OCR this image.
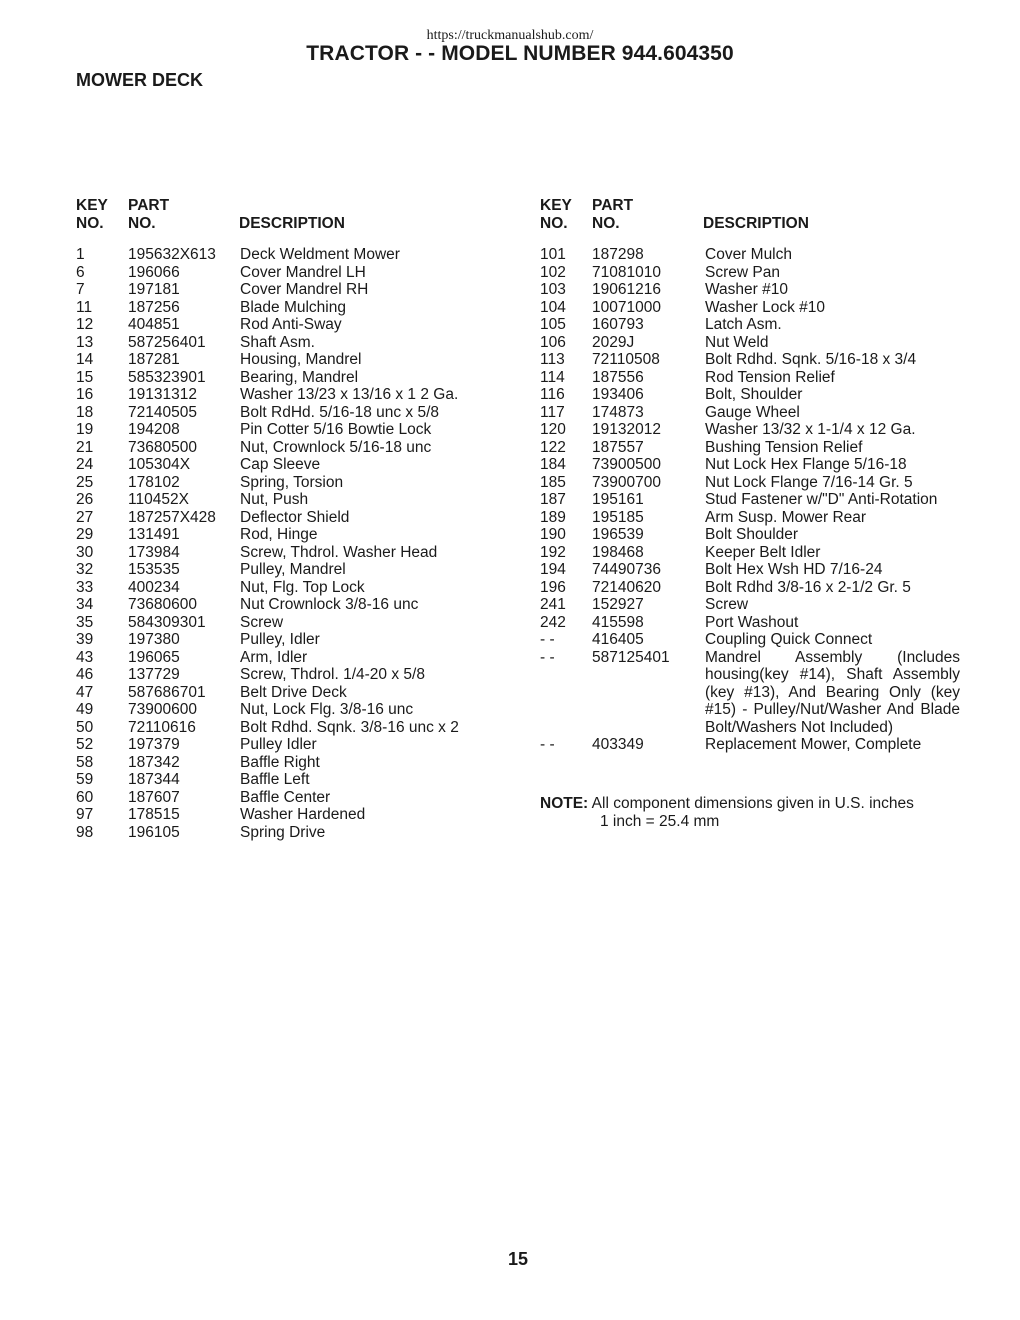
https://truckmanualshub.com/
TRACTOR - - MODEL NUMBER 944.604350
MOWER DECK
KEY
NO.
PART
NO.	DESCRIPTION
1	195632X613 Deck Weldment Mower
6	196066	Cover Mandrel LH
7	197181	Cover Mandrel RH
11 187256	Blade Mulching
12 404851	Rod Anti-Sway
13 587256401 Shaft Asm.
14 187281	Housing, Mandrel
15 585323901 Bearing, Mandrel
16 19131312	Washer 13/23 x 13/16 x 1 2 Ga.
18 72140505	Bolt RdHd. 5/16-18 unc x 5/8
19 194208	Pin Cotter 5/16 Bowtie Lock
21 73680500	Nut, Crownlock 5/16-18 unc
24 105304X	Cap Sleeve
25 178102	Spring, Torsion
26 110452X	Nut, Push
27 187257X428 Deflector Shield
29 131491	Rod, Hinge
30 173984	Screw, Thdrol. Washer Head
32 153535	Pulley, Mandrel
33 400234	Nut, Flg. Top Lock
34 73680600	Nut Crownlock 3/8-16 unc
35 584309301 Screw
39 197380	Pulley, Idler
43 196065	Arm, Idler
46 137729	Screw, Thdrol. 1/4-20 x 5/8
47 587686701 Belt Drive Deck
49 73900600	Nut, Lock Flg. 3/8-16 unc
50 72110616	Bolt Rdhd. Sqnk. 3/8-16 unc x 2
52 197379	Pulley Idler
58 187342	Baffle Right
59 187344	Baffle Left
60 187607	Baffle Center
97 178515	Washer Hardened
98 196105	Spring Drive
KEY
NO.
PART
NO.	DESCRIPTION
101 187298	Cover Mulch
102 71081010	Screw Pan
103 19061216	Washer #10
104 10071000	Washer Lock #10
105 160793	Latch Asm.
106 2029J	Nut Weld
113 72110508	Bolt Rdhd. Sqnk. 5/16-18 x 3/4
114 187556	Rod Tension Relief
116 193406	Bolt, Shoulder
117 174873	Gauge Wheel
120 19132012	Washer 13/32 x 1-1/4 x 12 Ga.
122 187557	Bushing Tension Relief
184 73900500	Nut Lock Hex Flange 5/16-18
185 73900700	Nut Lock Flange 7/16-14 Gr. 5
187 195161	Stud Fastener w/"D" Anti-Rotation
189 195185	Arm Susp. Mower Rear
190 196539	Bolt Shoulder
192 198468	Keeper Belt Idler
194 74490736	Bolt Hex Wsh HD 7/16-24
196 72140620	Bolt Rdhd 3/8-16 x 2-1/2 Gr. 5
241 152927	Screw
242 415598	Port Washout
- - 416405	Coupling Quick Connect
- - 587125401 Mandrel Assembly (Includes housing(key #14), Shaft Assembly (key #13), And Bearing Only (key #15) - Pulley/Nut/Washer And Blade Bolt/Washers Not Included)
- - 403349	Replacement Mower, Complete
NOTE: All component dimensions given in U.S. inches
1 inch = 25.4 mm
15
